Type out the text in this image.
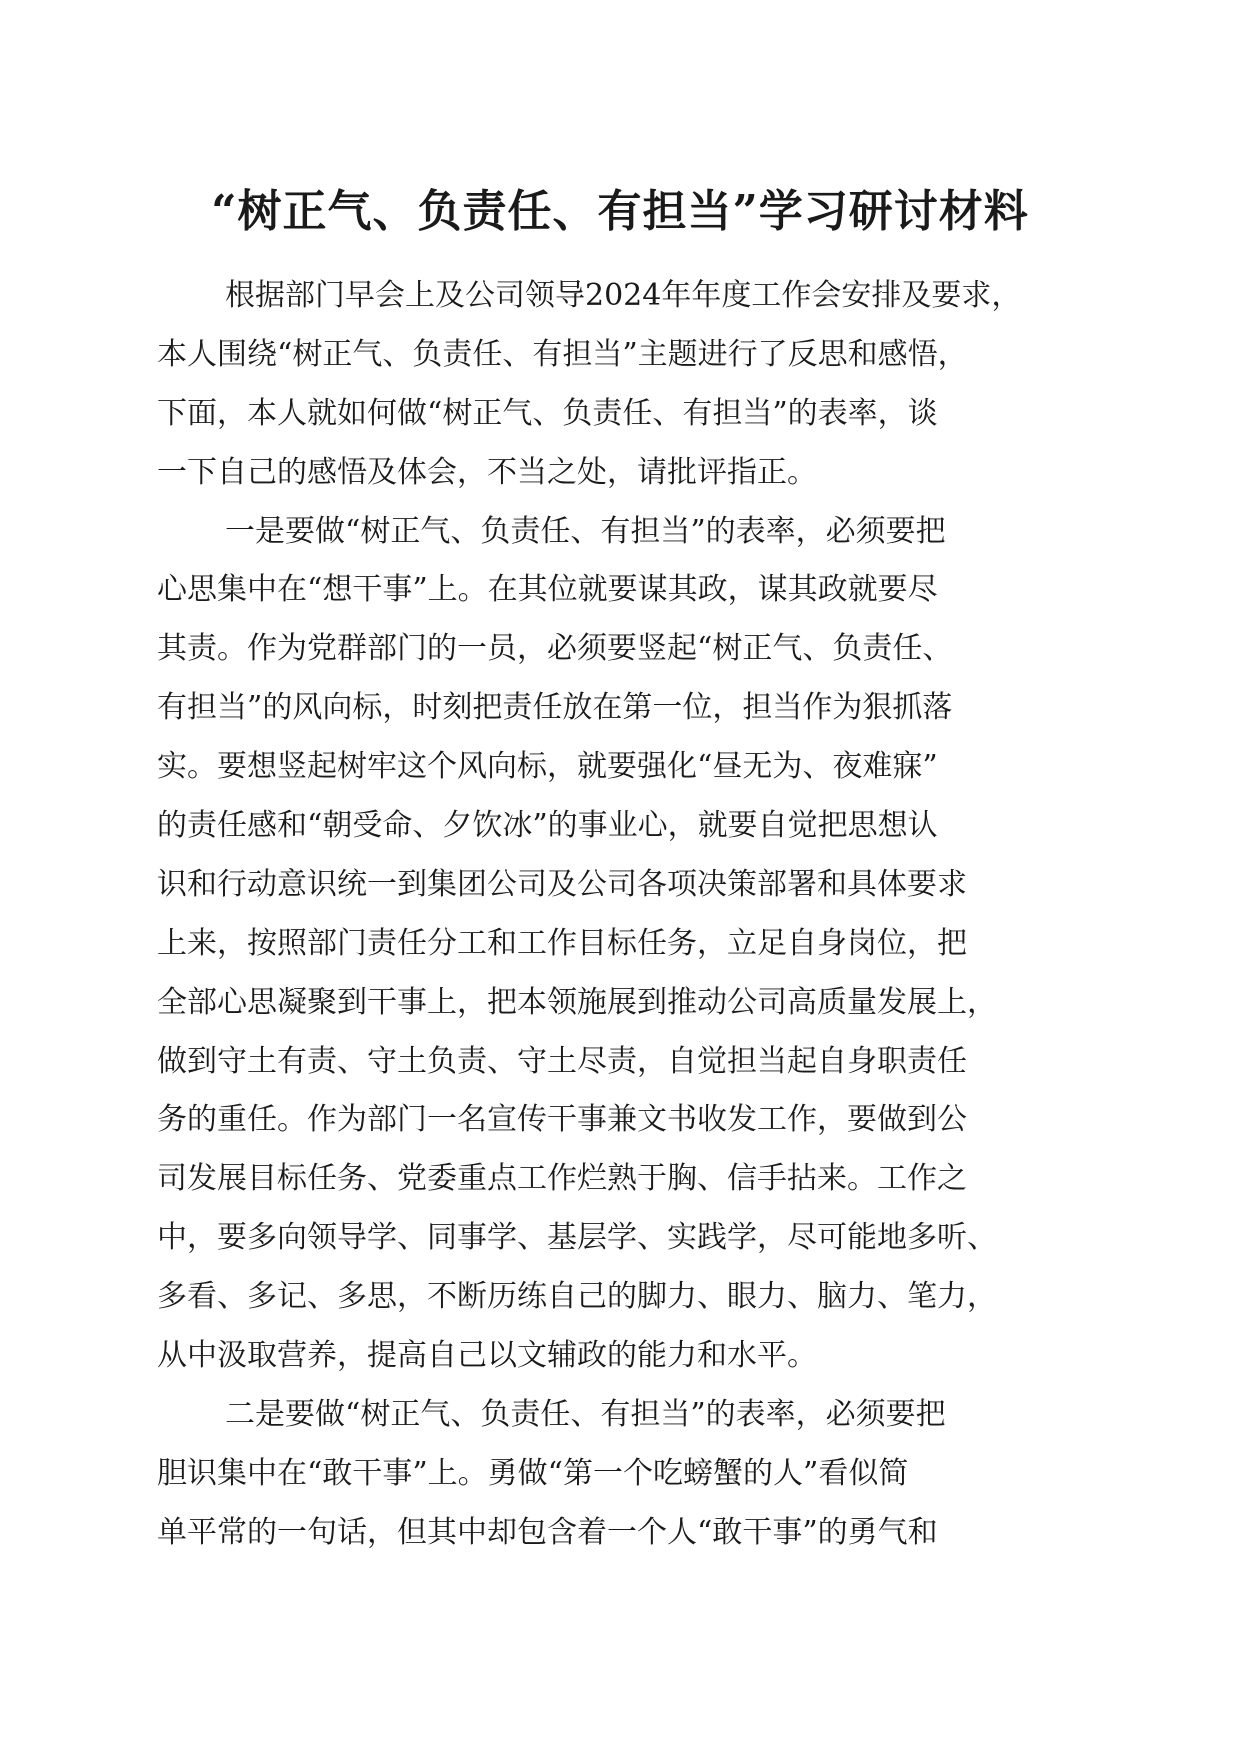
“树正气、负责任、有担当”学习研讨材料
根据部门早会上及公司领导2024年年度工作会安排及要求，
本人围绕“树正气、负责任、有担当”主题进行了反思和感悟，
下面，本人就如何做“树正气、负责任、有担当”的表率，谈
一下自己的感悟及体会，不当之处，请批评指正。
一是要做“树正气、负责任、有担当”的表率，必须要把
心思集中在“想干事”上。在其位就要谋其政，谋其政就要尽
其责。作为党群部门的一员，必须要竖起“树正气、负责任、
有担当”的风向标，时刻把责任放在第一位，担当作为狠抓落
实。要想竖起树牢这个风向标，就要强化“昼无为、夜难寐”
的责任感和“朝受命、夕饮冰”的事业心，就要自觉把思想认
识和行动意识统一到集团公司及公司各项决策部署和具体要求
上来，按照部门责任分工和工作目标任务，立足自身岗位，把
全部心思凝聚到干事上，把本领施展到推动公司高质量发展上，
做到守土有责、守土负责、守土尽责，自觉担当起自身职责任
务的重任。作为部门一名宣传干事兼文书收发工作，要做到公
司发展目标任务、党委重点工作烂熟于胸、信手拈来。工作之
中，要多向领导学、同事学、基层学、实践学，尽可能地多听、
多看、多记、多思，不断历练自己的脚力、眼力、脑力、笔力，
从中汲取营养，提高自己以文辅政的能力和水平。
二是要做“树正气、负责任、有担当”的表率，必须要把
胆识集中在“敢干事”上。勇做“第一个吃螃蟹的人”看似简
单平常的一句话，但其中却包含着一个人“敢干事”的勇气和
